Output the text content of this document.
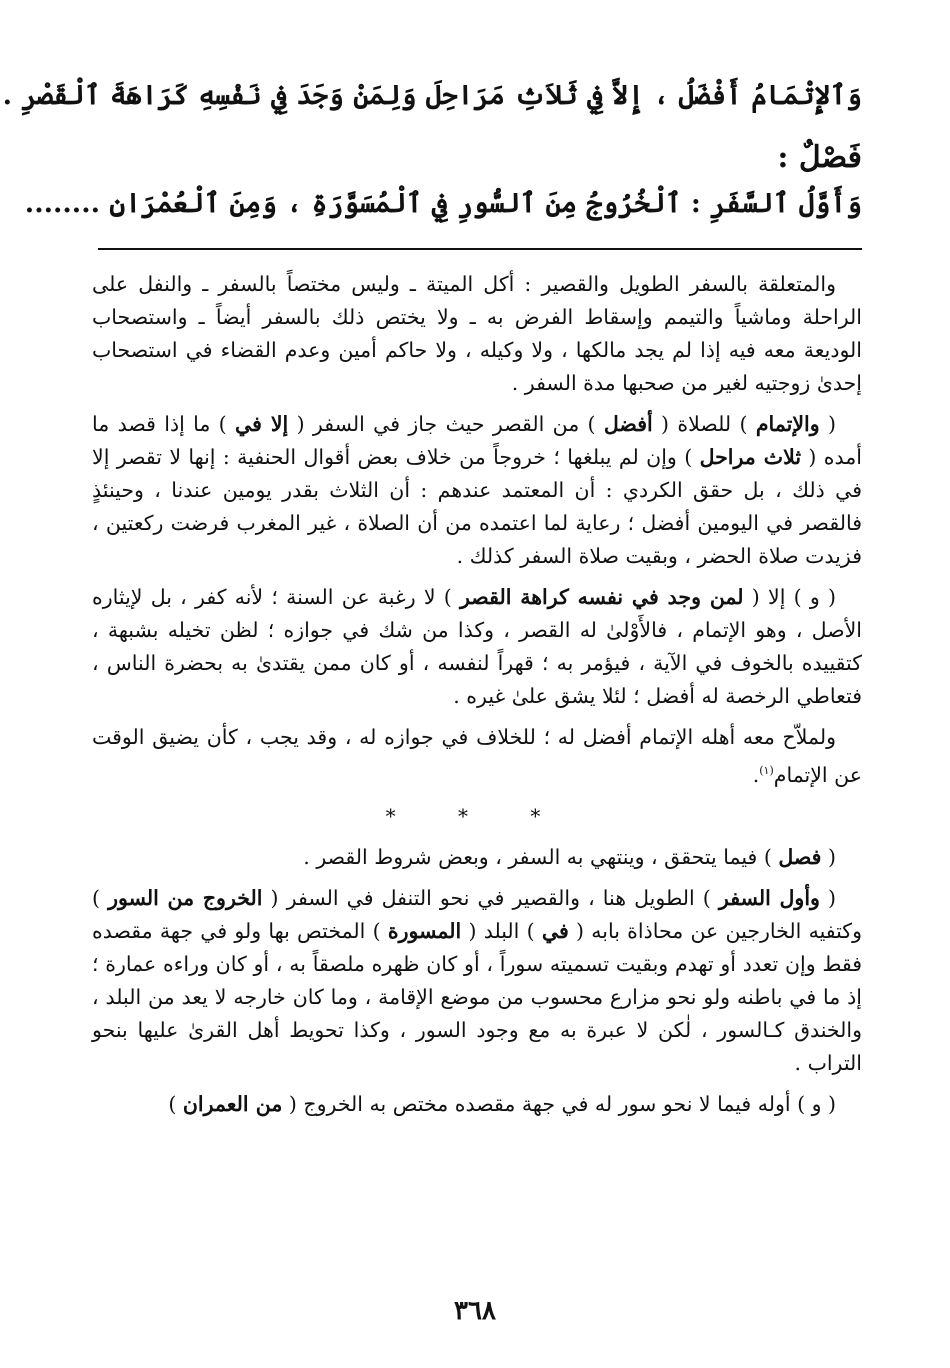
وَٱلإِتْمَامُ أَفْضَلُ ، إِلاَّ فِي ثَلاَثِ مَرَاحِلَ وَلِمَنْ وَجَدَ فِي نَفْسِهِ كَرَاهَةَ ٱلْقَصْرِ .
فَصْلٌ :
وَأَوَّلُ ٱلسَّفَرِ : ٱلْخُرُوجُ مِنَ ٱلسُّورِ فِي ٱلْمُسَوَّرَةِ ، وَمِنَ ٱلْعُمْرَانِ ........

والمتعلقة بالسفر الطويل والقصير : أكل الميتة ـ وليس مختصاً بالسفر ـ والنفل على الراحلة وماشياً والتيمم وإسقاط الفرض به ـ ولا يختص ذلك بالسفر أيضاً ـ واستصحاب الوديعة معه فيه إذا لم يجد مالكها ، ولا وكيله ، ولا حاكم أمين وعدم القضاء في استصحاب إحدىٰ زوجتيه لغير من صحبها مدة السفر .

( والإتمام ) للصلاة ( أفضل ) من القصر حيث جاز في السفر ( إلا في ) ما إذا قصد ما أمده ( ثلاث مراحل ) وإن لم يبلغها ؛ خروجاً من خلاف بعض أقوال الحنفية : إنها لا تقصر إلا في ذلك ، بل حقق الكردي : أن المعتمد عندهم : أن الثلاث بقدر يومين عندنا ، وحينئذٍ فالقصر في اليومين أفضل ؛ رعاية لما اعتمده من أن الصلاة ، غير المغرب فرضت ركعتين ، فزيدت صلاة الحضر ، وبقيت صلاة السفر كذلك .

( و ) إلا ( لمن وجد في نفسه كراهة القصر ) لا رغبة عن السنة ؛ لأنه كفر ، بل لإيثاره الأصل ، وهو الإتمام ، فالأَوْلىٰ له القصر ، وكذا من شك في جوازه ؛ لظن تخيله بشبهة ، كتقييده بالخوف في الآية ، فيؤمر به ؛ قهراً لنفسه ، أو كان ممن يقتدىٰ به بحضرة الناس ، فتعاطي الرخصة له أفضل ؛ لئلا يشق علىٰ غيره .

ولملاّح معه أهله الإتمام أفضل له ؛ للخلاف في جوازه له ، وقد يجب ، كأن يضيق الوقت عن الإتمام$^{(١)}$.

* * *

( فصل ) فيما يتحقق ، وينتهي به السفر ، وبعض شروط القصر .

( وأول السفر ) الطويل هنا ، والقصير في نحو التنفل في السفر ( الخروج من السور ) وكتفيه الخارجين عن محاذاة بابه ( في ) البلد ( المسورة ) المختص بها ولو في جهة مقصده فقط وإن تعدد أو تهدم وبقيت تسميته سوراً ، أو كان ظهره ملصقاً به ، أو كان وراءه عمارة ؛ إذ ما في باطنه ولو نحو مزارع محسوب من موضع الإقامة ، وما كان خارجه لا يعد من البلد ، والخندق كـالسور ، لٰكن لا عبرة به مع وجود السور ، وكذا تحويط أهل القرىٰ عليها بنحو التراب .

( و ) أوله فيما لا نحو سور له في جهة مقصده مختص به الخروج ( من العمران )

٣٦٨
